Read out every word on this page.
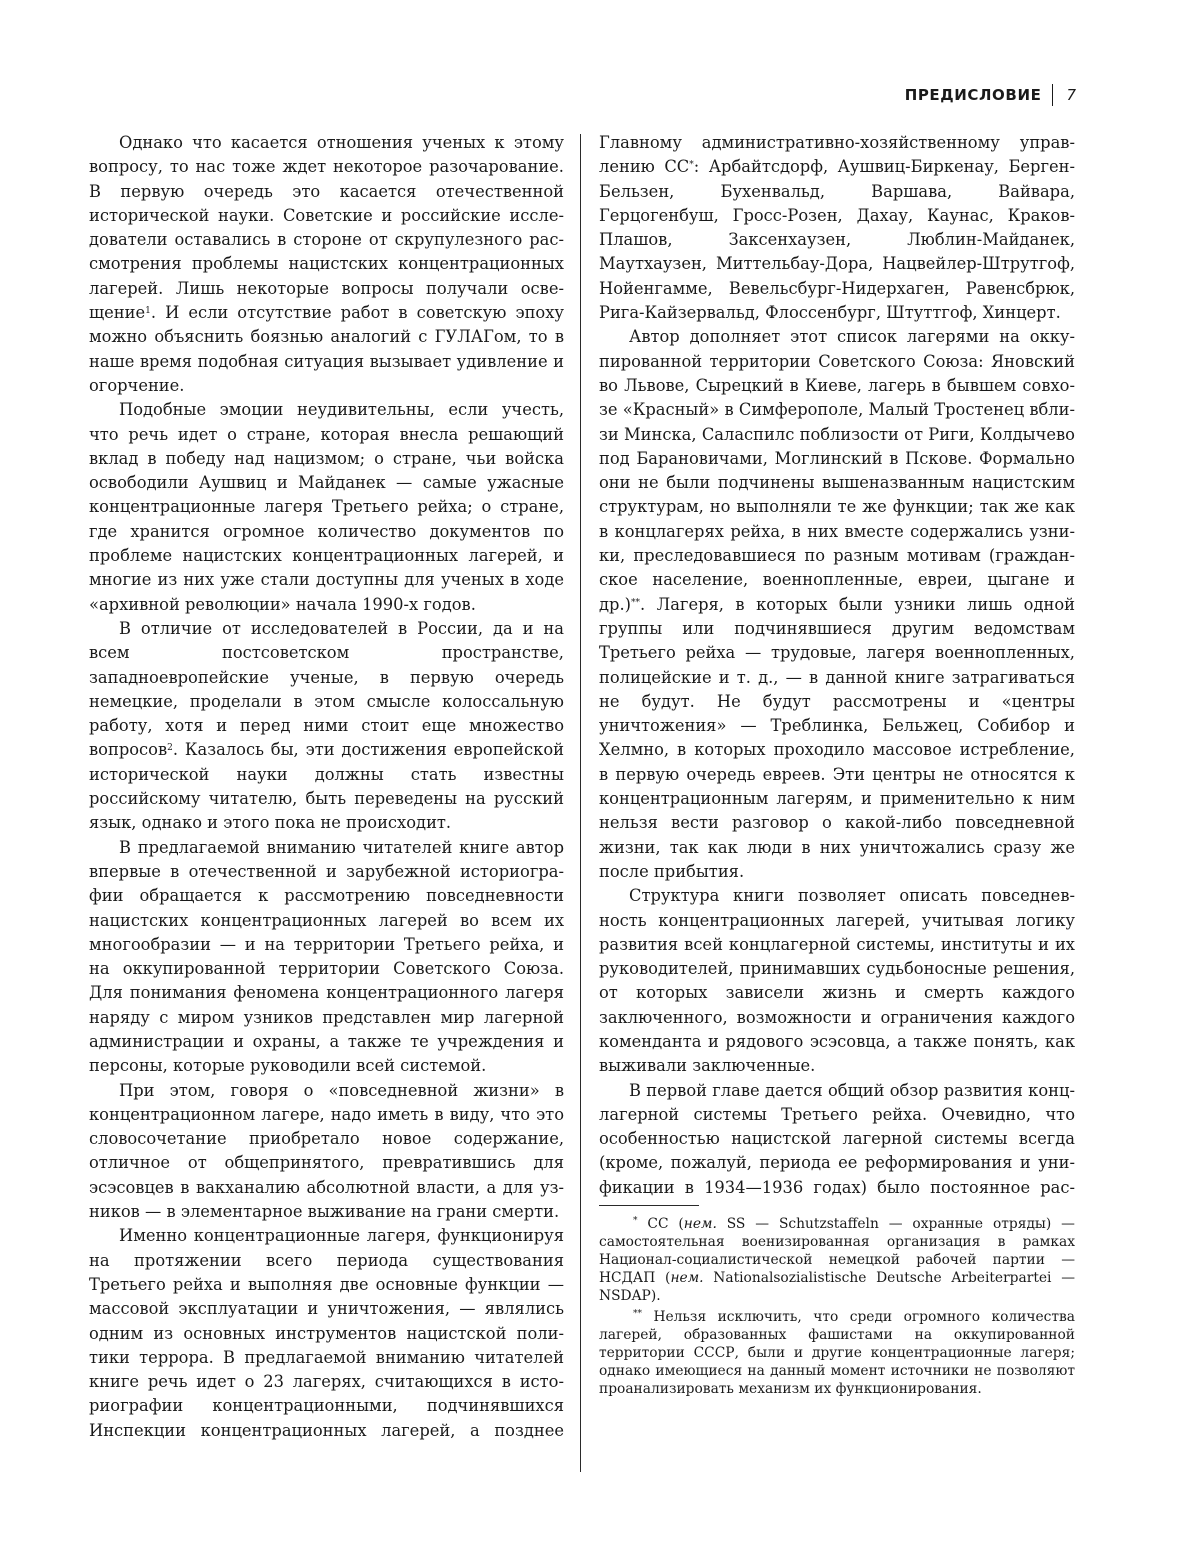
ПРЕДИСЛОВИЕ 7

Однако что касается отношения ученых к этому вопросу, то нас тоже ждет некоторое разочарование. В первую очередь это касается отечественной исторической науки. Советские и российские исследователи оставались в стороне от скрупулезного рассмотрения проблемы нацистских концентрационных лагерей. Лишь некоторые вопросы получали освещение$^1$. И если отсутствие работ в советскую эпоху можно объяснить боязнью аналогий с ГУЛАГом, то в наше время подобная ситуация вызывает удивление и огорчение.

Подобные эмоции неудивительны, если учесть, что речь идет о стране, которая внесла решающий вклад в победу над нацизмом; о стране, чьи войска освободили Аушвиц и Майданек — самые ужасные концентрационные лагеря Третьего рейха; о стране, где хранится огромное количество документов по проблеме нацистских концентрационных лагерей, и многие из них уже стали доступны для ученых в ходе «архивной революции» начала 1990-х годов.

В отличие от исследователей в России, да и на всем постсоветском пространстве, западноевропейские ученые, в первую очередь немецкие, проделали в этом смысле колоссальную работу, хотя и перед ними стоит еще множество вопросов$^2$. Казалось бы, эти достижения европейской исторической науки должны стать известны российскому читателю, быть переведены на русский язык, однако и этого пока не происходит.

В предлагаемой вниманию читателей книге автор впервые в отечественной и зарубежной историографии обращается к рассмотрению повседневности нацистских концентрационных лагерей во всем их многообразии — и на территории Третьего рейха, и на оккупированной территории Советского Союза. Для понимания феномена концентрационного лагеря наряду с миром узников представлен мир лагерной администрации и охраны, а также те учреждения и персоны, которые руководили всей системой.

При этом, говоря о «повседневной жизни» в концентрационном лагере, надо иметь в виду, что это словосочетание приобретало новое содержание, отличное от общепринятого, превратившись для эсэсовцев в вакханалию абсолютной власти, а для узников — в элементарное выживание на грани смерти.

Именно концентрационные лагеря, функционируя на протяжении всего периода существования Третьего рейха и выполняя две основные функции — массовой эксплуатации и уничтожения, — являлись одним из основных инструментов нацистской политики террора. В предлагаемой вниманию читателей книге речь идет о 23 лагерях, считающихся в историографии концентрационными, подчинявшихся Инспекции концентрационных лагерей, а позднее

Главному административно-хозяйственному управлению СС*: Арбайтсдорф, Аушвиц-Биркенау, Берген-Бельзен, Бухенвальд, Варшава, Вайвара, Герцогенбуш, Гросс-Розен, Дахау, Каунас, Краков-Плашов, Заксенхаузен, Люблин-Майданек, Маутхаузен, Миттельбау-Дора, Нацвейлер-Штрутгоф, Нойенгамме, Вевельсбург-Нидерхаген, Равенсбрюк, Рига-Кайзервальд, Флоссенбург, Штуттгоф, Хинцерт.

Автор дополняет этот список лагерями на оккупированной территории Советского Союза: Яновский во Львове, Сырецкий в Киеве, лагерь в бывшем совхозе «Красный» в Симферополе, Малый Тростенец вблизи Минска, Саласпилс поблизости от Риги, Колдычево под Барановичами, Моглинский в Пскове. Формально они не были подчинены вышеназванным нацистским структурам, но выполняли те же функции; так же как в концлагерях рейха, в них вместе содержались узники, преследовавшиеся по разным мотивам (гражданское население, военнопленные, евреи, цыгане и др.)**. Лагеря, в которых были узники лишь одной группы или подчинявшиеся другим ведомствам Третьего рейха — трудовые, лагеря военнопленных, полицейские и т. д., — в данной книге затрагиваться не будут. Не будут рассмотрены и «центры уничтожения» — Треблинка, Бельжец, Собибор и Хелмно, в которых проходило массовое истребление, в первую очередь евреев. Эти центры не относятся к концентрационным лагерям, и применительно к ним нельзя вести разговор о какой-либо повседневной жизни, так как люди в них уничтожались сразу же после прибытия.

Структура книги позволяет описать повседневность концентрационных лагерей, учитывая логику развития всей концлагерной системы, институты и их руководителей, принимавших судьбоносные решения, от которых зависели жизнь и смерть каждого заключенного, возможности и ограничения каждого коменданта и рядового эсэсовца, а также понять, как выживали заключенные.

В первой главе дается общий обзор развития концлагерной системы Третьего рейха. Очевидно, что особенностью нацистской лагерной системы всегда (кроме, пожалуй, периода ее реформирования и унификации в 1934—1936 годах) было постоянное рас-

* СС (нем. SS — Schutzstaffeln — охранные отряды) — самостоятельная военизированная организация в рамках Национал-социалистической немецкой рабочей партии — НСДАП (нем. Nationalsozialistische Deutsche Arbeiterpartei — NSDAP).

** Нельзя исключить, что среди огромного количества лагерей, образованных фашистами на оккупированной территории СССР, были и другие концентрационные лагеря; однако имеющиеся на данный момент источники не позволяют проанализировать механизм их функционирования.
